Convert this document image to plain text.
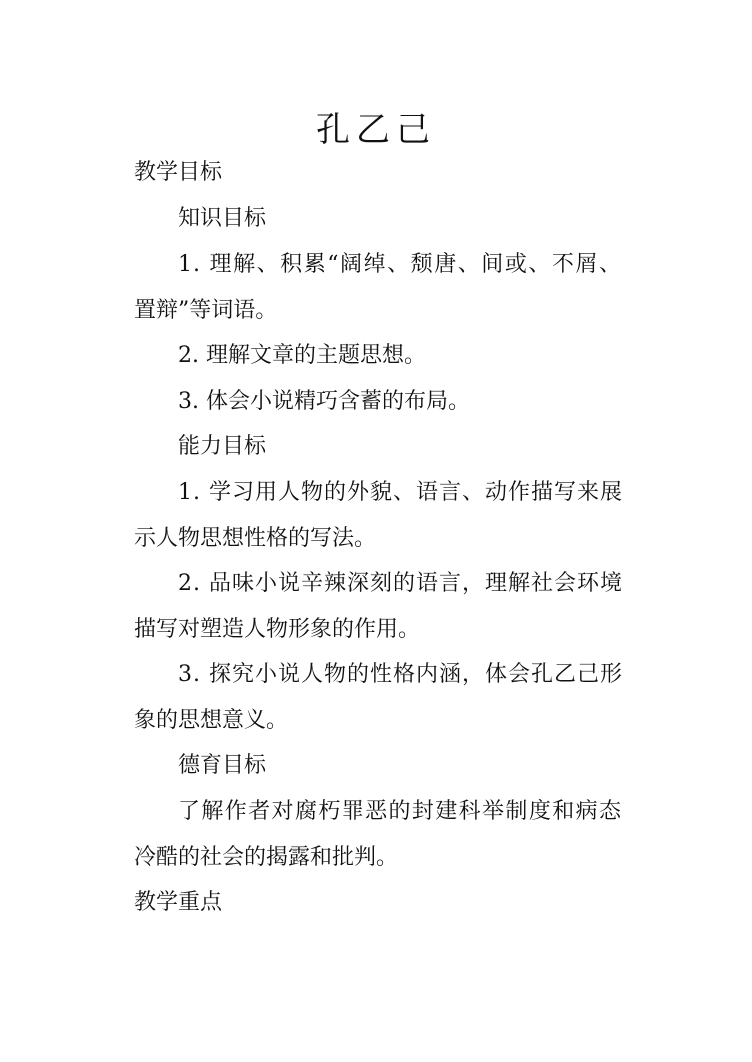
孔乙己
教学目标
知识目标
1. 理解、积累“阔绰、颓唐、间或、不屑、
置辩”等词语。
2. 理解文章的主题思想。
3. 体会小说精巧含蓄的布局。
能力目标
1. 学习用人物的外貌、语言、动作描写来展
示人物思想性格的写法。
2. 品味小说辛辣深刻的语言，理解社会环境
描写对塑造人物形象的作用。
3. 探究小说人物的性格内涵，体会孔乙己形
象的思想意义。
德育目标
了解作者对腐朽罪恶的封建科举制度和病态
冷酷的社会的揭露和批判。
教学重点
